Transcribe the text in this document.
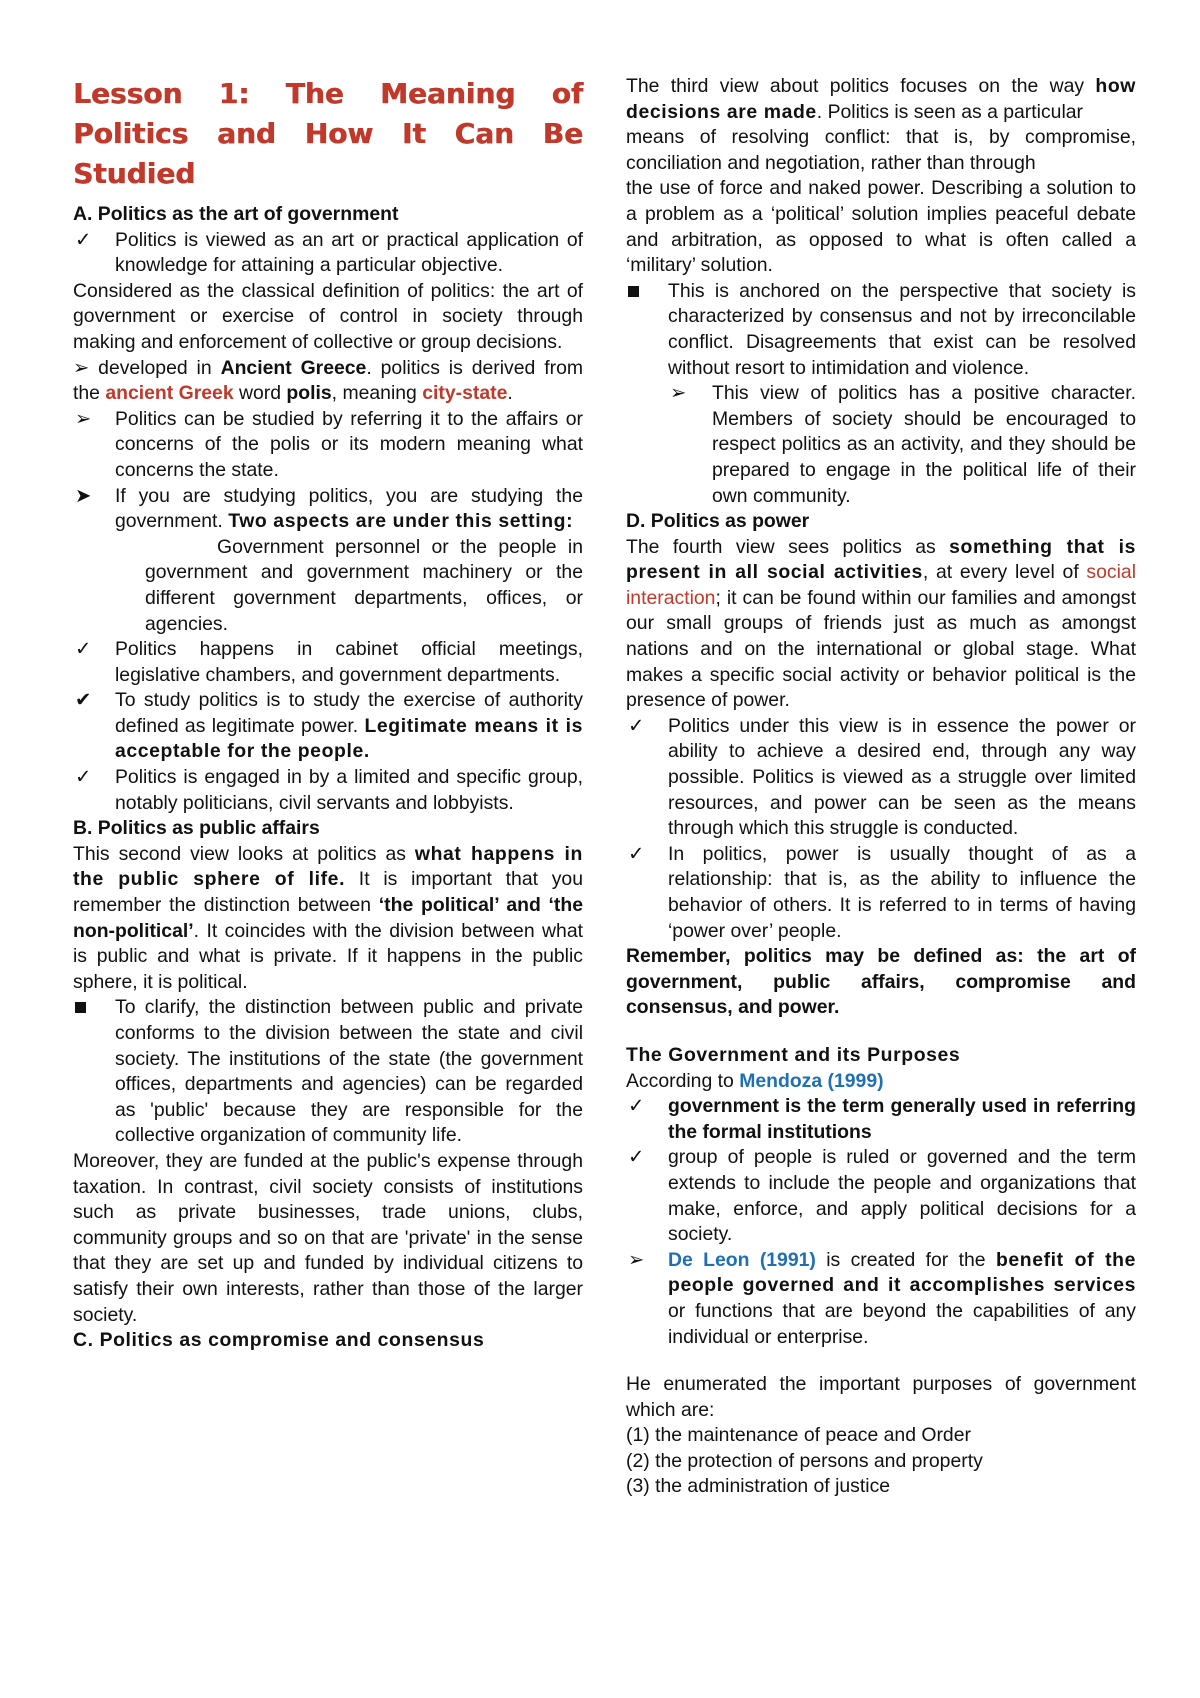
Lesson 1: The Meaning of Politics and How It Can Be Studied

A. Politics as the art of government

✓	Politics is viewed as an art or practical application of knowledge for attaining a particular objective.

Considered as the classical definition of politics: the art of government or exercise of control in society through making and enforcement of collective or group decisions.

➢ developed in Ancient Greece. politics is derived from the ancient Greek word polis, meaning city-state.

➢	Politics can be studied by referring it to the affairs or concerns of the polis or its modern meaning what concerns the state.
➤	If you are studying politics, you are studying the government. Two aspects are under this setting:

Government personnel or the people in government and government machinery or the different government departments, offices, or agencies.

✓	Politics happens in cabinet official meetings, legislative chambers, and government departments.
✔	To study politics is to study the exercise of authority defined as legitimate power. Legitimate means it is acceptable for the people.
✓	Politics is engaged in by a limited and specific group, notably politicians, civil servants and lobbyists.

B. Politics as public affairs

This second view looks at politics as what happens in the public sphere of life. It is important that you remember the distinction between ‘the political’ and ‘the non-political’. It coincides with the division between what is public and what is private. If it happens in the public sphere, it is political.

To clarify, the distinction between public and private conforms to the division between the state and civil society. The institutions of the state (the government offices, departments and agencies) can be regarded as 'public' because they are responsible for the collective organization of community life.

Moreover, they are funded at the public's expense through taxation. In contrast, civil society consists of institutions such as private businesses, trade unions, clubs, community groups and so on that are 'private' in the sense that they are set up and funded by individual citizens to satisfy their own interests, rather than those of the larger society.

C. Politics as compromise and consensus

The third view about politics focuses on the way how decisions are made. Politics is seen as a particular

means of resolving conflict: that is, by compromise, conciliation and negotiation, rather than through

the use of force and naked power. Describing a solution to a problem as a ‘political’ solution implies peaceful debate and arbitration, as opposed to what is often called a ‘military’ solution.

This is anchored on the perspective that society is characterized by consensus and not by irreconcilable conflict. Disagreements that exist can be resolved without resort to intimidation and violence.
➢	This view of politics has a positive character. Members of society should be encouraged to respect politics as an activity, and they should be prepared to engage in the political life of their own community.

D. Politics as power

The fourth view sees politics as something that is present in all social activities, at every level of social interaction; it can be found within our families and amongst our small groups of friends just as much as amongst nations and on the international or global stage. What makes a specific social activity or behavior political is the presence of power.

✓	Politics under this view is in essence the power or ability to achieve a desired end, through any way possible. Politics is viewed as a struggle over limited resources, and power can be seen as the means through which this struggle is conducted.
✓	In politics, power is usually thought of as a relationship: that is, as the ability to influence the behavior of others. It is referred to in terms of having ‘power over’ people.

Remember, politics may be defined as: the art of government, public affairs, compromise and consensus, and power.

The Government and its Purposes

According to Mendoza (1999)

✓	government is the term generally used in referring the formal institutions
✓	group of people is ruled or governed and the term extends to include the people and organizations that make, enforce, and apply political decisions for a society.
➢	De Leon (1991) is created for the benefit of the people governed and it accomplishes services or functions that are beyond the capabilities of any individual or enterprise.

He enumerated the important purposes of government which are:

(1) the maintenance of peace and Order

(2) the protection of persons and property

(3) the administration of justice
